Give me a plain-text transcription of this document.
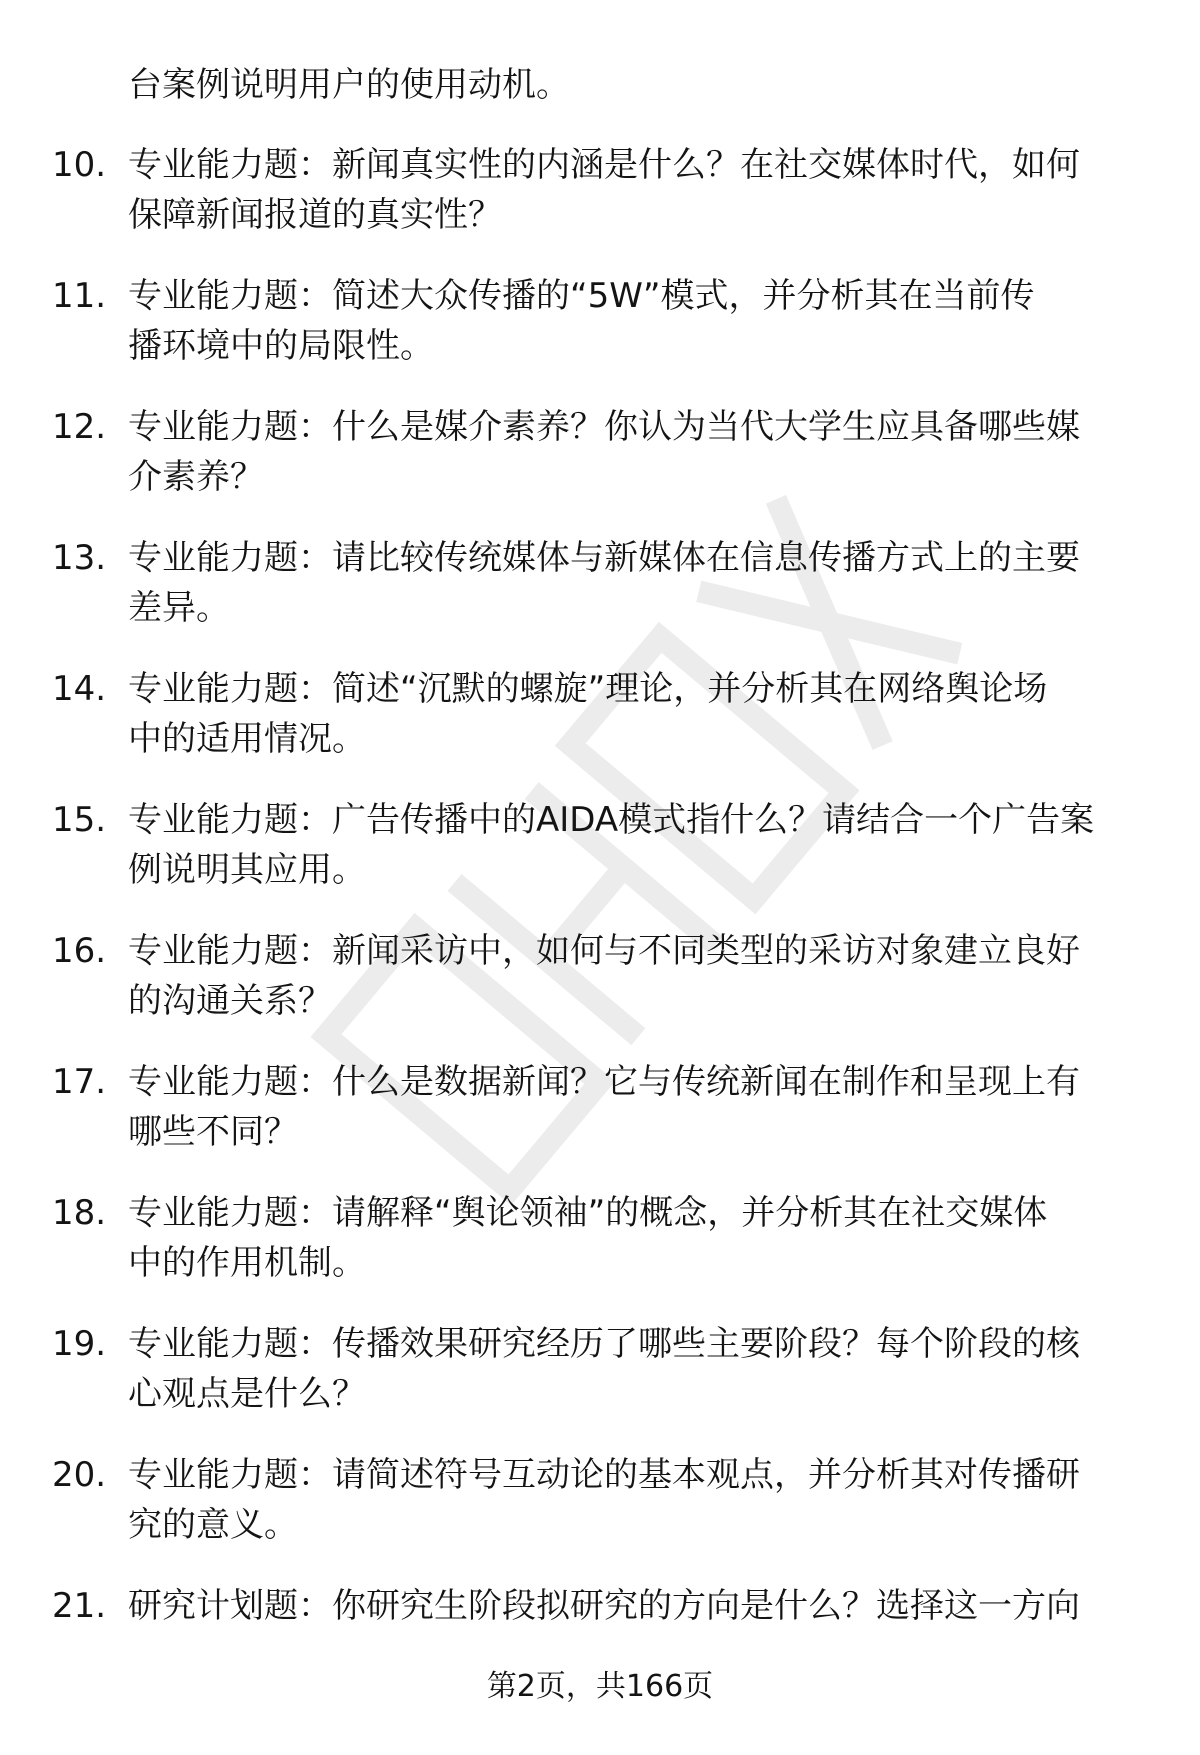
台案例说明用户的使用动机。

10. 专业能力题：新闻真实性的内涵是什么？在社交媒体时代，如何
保障新闻报道的真实性？
11. 专业能力题：简述大众传播的“5W”模式，并分析其在当前传
播环境中的局限性。
12. 专业能力题：什么是媒介素养？你认为当代大学生应具备哪些媒
介素养？
13. 专业能力题：请比较传统媒体与新媒体在信息传播方式上的主要
差异。
14. 专业能力题：简述“沉默的螺旋”理论，并分析其在网络舆论场
中的适用情况。
15. 专业能力题：广告传播中的AIDA模式指什么？请结合一个广告案
例说明其应用。
16. 专业能力题：新闻采访中，如何与不同类型的采访对象建立良好
的沟通关系？
17. 专业能力题：什么是数据新闻？它与传统新闻在制作和呈现上有
哪些不同？
18. 专业能力题：请解释“舆论领袖”的概念，并分析其在社交媒体
中的作用机制。
19. 专业能力题：传播效果研究经历了哪些主要阶段？每个阶段的核
心观点是什么？
20. 专业能力题：请简述符号互动论的基本观点，并分析其对传播研
究的意义。
21. 研究计划题：你研究生阶段拟研究的方向是什么？选择这一方向

第2页，共166页
